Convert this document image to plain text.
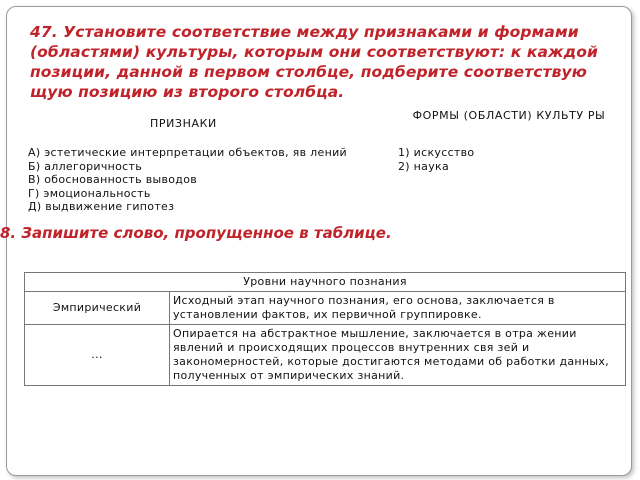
47. Установите соответствие между признаками и формами (областями) культуры, которым они соответствуют: к каждой позиции, данной в первом столбце, подберите соответствую щую позицию из второго столбца.
ПРИЗНАКИ
ФОРМЫ (ОБЛАСТИ) КУЛЬТУ РЫ
А) эстетические интерпретации объектов, яв лений
Б) аллегоричность
В) обоснованность выводов
Г) эмоциональность
Д) выдвижение гипотез
1) искусство
2) наука
8. Запишите слово, пропущенное в таблице.
Уровни научного познания	
Эмпирический	Исходный этап научного познания, его основа, заключается в установлении фактов, их первичной группировке.
...	Опирается на абстрактное мышление, заключается в отра жении явлений и происходящих процессов внутренних свя зей и закономерностей, которые достигаются методами об работки данных, полученных от эмпирических знаний.
